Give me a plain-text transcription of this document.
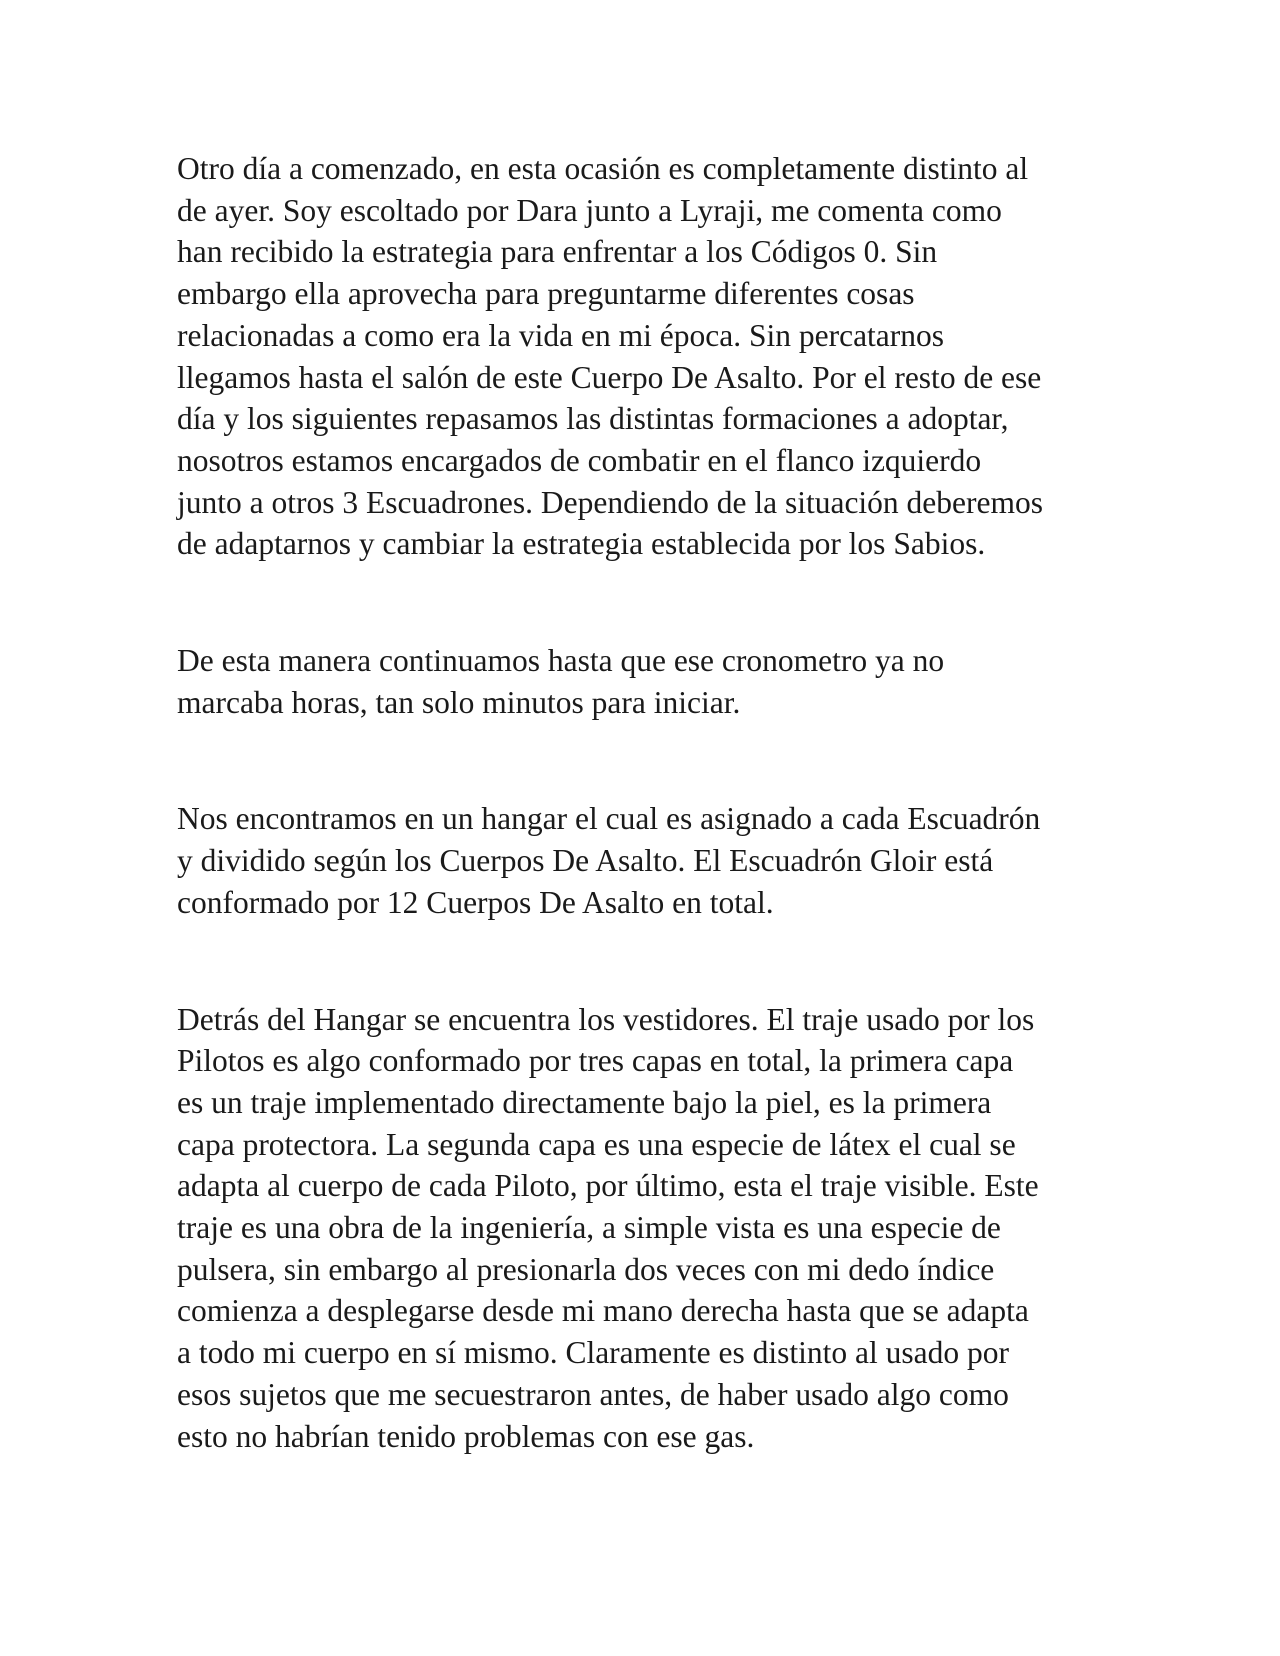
Otro día a comenzado, en esta ocasión es completamente distinto al
de ayer. Soy escoltado por Dara junto a Lyraji, me comenta como
han recibido la estrategia para enfrentar a los Códigos 0. Sin
embargo ella aprovecha para preguntarme diferentes cosas
relacionadas a como era la vida en mi época. Sin percatarnos
llegamos hasta el salón de este Cuerpo De Asalto. Por el resto de ese
día y los siguientes repasamos las distintas formaciones a adoptar,
nosotros estamos encargados de combatir en el flanco izquierdo
junto a otros 3 Escuadrones. Dependiendo de la situación deberemos
de adaptarnos y cambiar la estrategia establecida por los Sabios.

De esta manera continuamos hasta que ese cronometro ya no
marcaba horas, tan solo minutos para iniciar.

Nos encontramos en un hangar el cual es asignado a cada Escuadrón
y dividido según los Cuerpos De Asalto. El Escuadrón Gloir está
conformado por 12 Cuerpos De Asalto en total.

Detrás del Hangar se encuentra los vestidores. El traje usado por los
Pilotos es algo conformado por tres capas en total, la primera capa
es un traje implementado directamente bajo la piel, es la primera
capa protectora. La segunda capa es una especie de látex el cual se
adapta al cuerpo de cada Piloto, por último, esta el traje visible. Este
traje es una obra de la ingeniería, a simple vista es una especie de
pulsera, sin embargo al presionarla dos veces con mi dedo índice
comienza a desplegarse desde mi mano derecha hasta que se adapta
a todo mi cuerpo en sí mismo. Claramente es distinto al usado por
esos sujetos que me secuestraron antes, de haber usado algo como
esto no habrían tenido problemas con ese gas.
